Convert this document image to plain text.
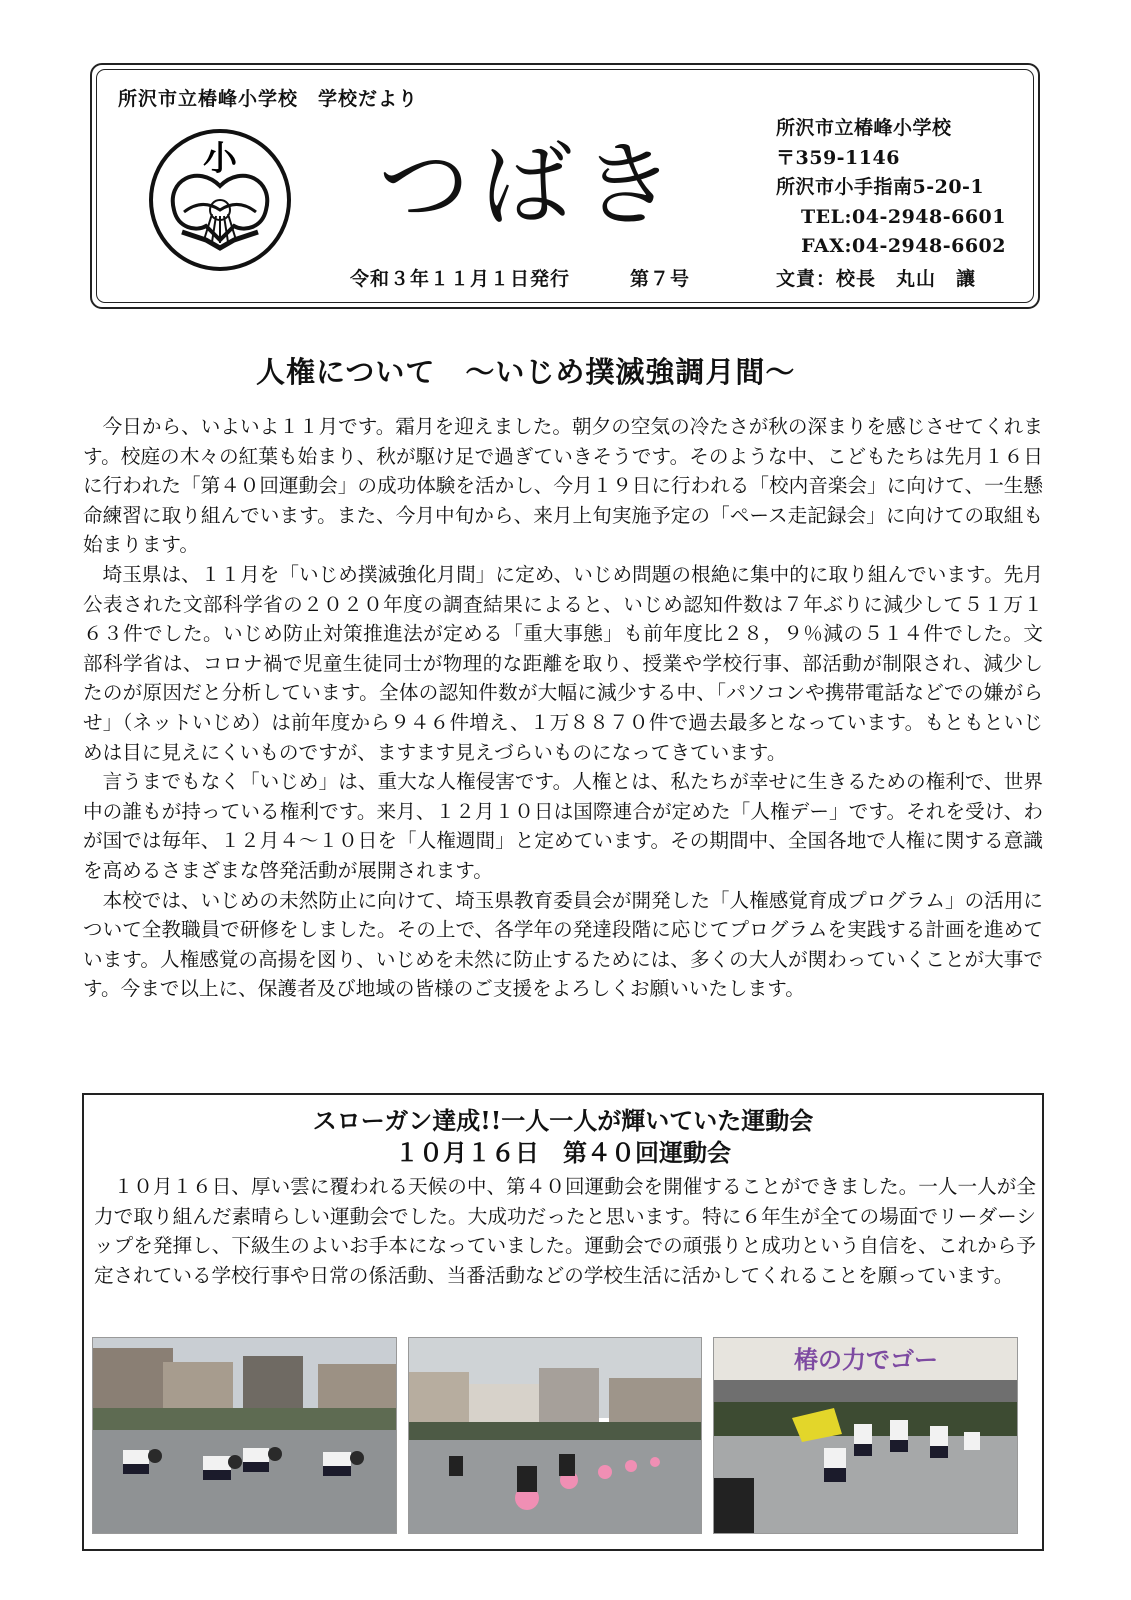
所沢市立椿峰小学校　学校だより
小 つばき
令和３年１１月１日発行　　　第７号
所沢市立椿峰小学校
〒359-1146
所沢市小手指南5-20-1
TEL:04-2948-6601
FAX:04-2948-6602
文責：校長　丸山　讓
人権について　～いじめ撲滅強調月間～

今日から、いよいよ１１月です。霜月を迎えました。朝夕の空気の冷たさが秋の深まりを感じさせてくれます。校庭の木々の紅葉も始まり、秋が駆け足で過ぎていきそうです。そのような中、こどもたちは先月１６日に行われた「第４０回運動会」の成功体験を活かし、今月１９日に行われる「校内音楽会」に向けて、一生懸命練習に取り組んでいます。また、今月中旬から、来月上旬実施予定の「ペース走記録会」に向けての取組も始まります。

埼玉県は、１１月を「いじめ撲滅強化月間」に定め、いじめ問題の根絶に集中的に取り組んでいます。先月公表された文部科学省の２０２０年度の調査結果によると、いじめ認知件数は７年ぶりに減少して５１万１６３件でした。いじめ防止対策推進法が定める「重大事態」も前年度比２８，９％減の５１４件でした。文部科学省は、コロナ禍で児童生徒同士が物理的な距離を取り、授業や学校行事、部活動が制限され、減少したのが原因だと分析しています。全体の認知件数が大幅に減少する中、「パソコンや携帯電話などでの嫌がらせ」（ネットいじめ）は前年度から９４６件増え、１万８８７０件で過去最多となっています。もともといじめは目に見えにくいものですが、ますます見えづらいものになってきています。

言うまでもなく「いじめ」は、重大な人権侵害です。人権とは、私たちが幸せに生きるための権利で、世界中の誰もが持っている権利です。来月、１２月１０日は国際連合が定めた「人権デー」です。それを受け、わが国では毎年、１２月４～１０日を「人権週間」と定めています。その期間中、全国各地で人権に関する意識を高めるさまざまな啓発活動が展開されます。

本校では、いじめの未然防止に向けて、埼玉県教育委員会が開発した「人権感覚育成プログラム」の活用について全教職員で研修をしました。その上で、各学年の発達段階に応じてプログラムを実践する計画を進めています。人権感覚の高揚を図り、いじめを未然に防止するためには、多くの大人が関わっていくことが大事です。今まで以上に、保護者及び地域の皆様のご支援をよろしくお願いいたします。

スローガン達成!!一人一人が輝いていた運動会
１０月１６日　第４０回運動会

１０月１６日、厚い雲に覆われる天候の中、第４０回運動会を開催することができました。一人一人が全力で取り組んだ素晴らしい運動会でした。大成功だったと思います。特に６年生が全ての場面でリーダーシップを発揮し、下級生のよいお手本になっていました。運動会での頑張りと成功という自信を、これから予定されている学校行事や日常の係活動、当番活動などの学校生活に活かしてくれることを願っています。

椿の力でゴー
